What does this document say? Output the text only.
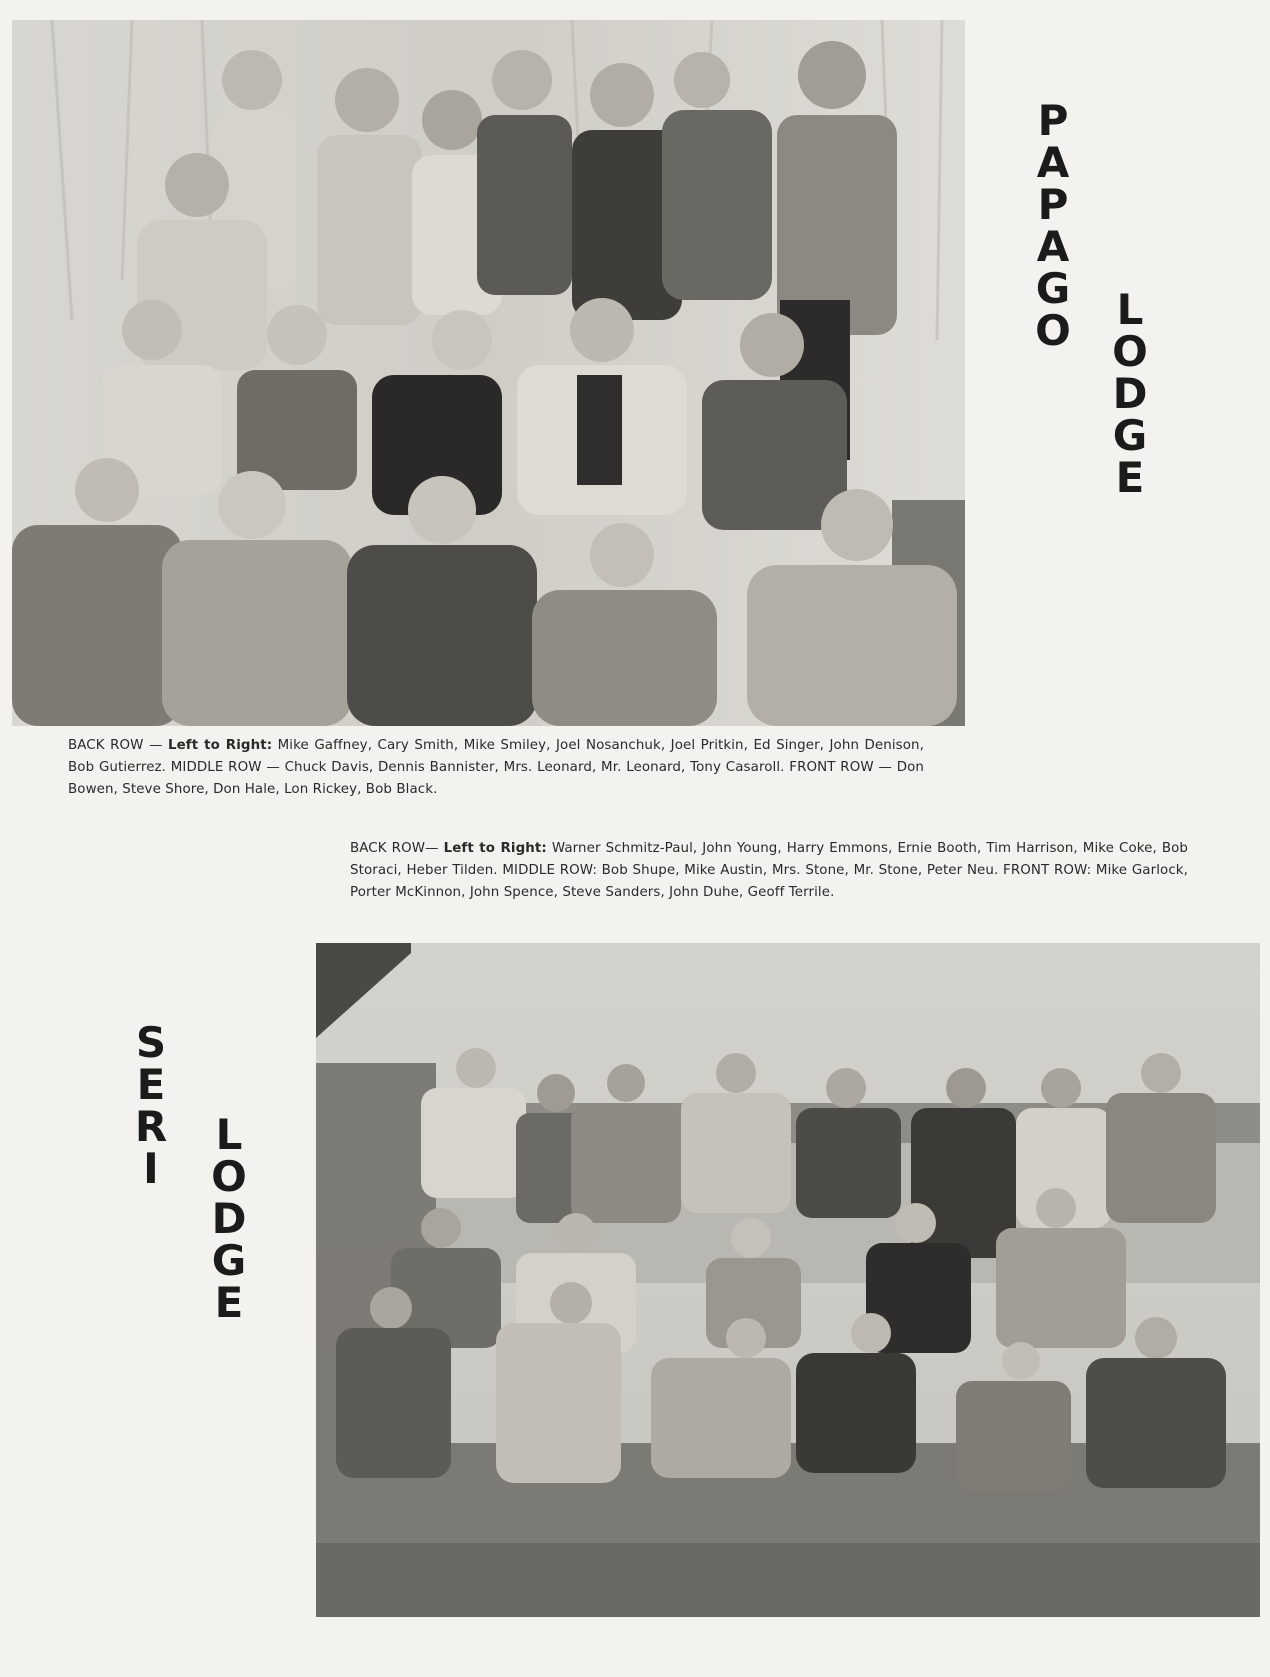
PAPAGO LODGE
BACK ROW — Left to Right: Mike Gaffney, Cary Smith, Mike Smiley, Joel Nosanchuk, Joel Pritkin, Ed Singer, John Denison, Bob Gutierrez. MIDDLE ROW — Chuck Davis, Dennis Bannister, Mrs. Leonard, Mr. Leonard, Tony Casaroll. FRONT ROW — Don Bowen, Steve Shore, Don Hale, Lon Rickey, Bob Black.
BACK ROW— Left to Right: Warner Schmitz-Paul, John Young, Harry Emmons, Ernie Booth, Tim Harrison, Mike Coke, Bob Storaci, Heber Tilden. MIDDLE ROW: Bob Shupe, Mike Austin, Mrs. Stone, Mr. Stone, Peter Neu. FRONT ROW: Mike Garlock, Porter McKinnon, John Spence, Steve Sanders, John Duhe, Geoff Terrile.
SERI
LODGE
